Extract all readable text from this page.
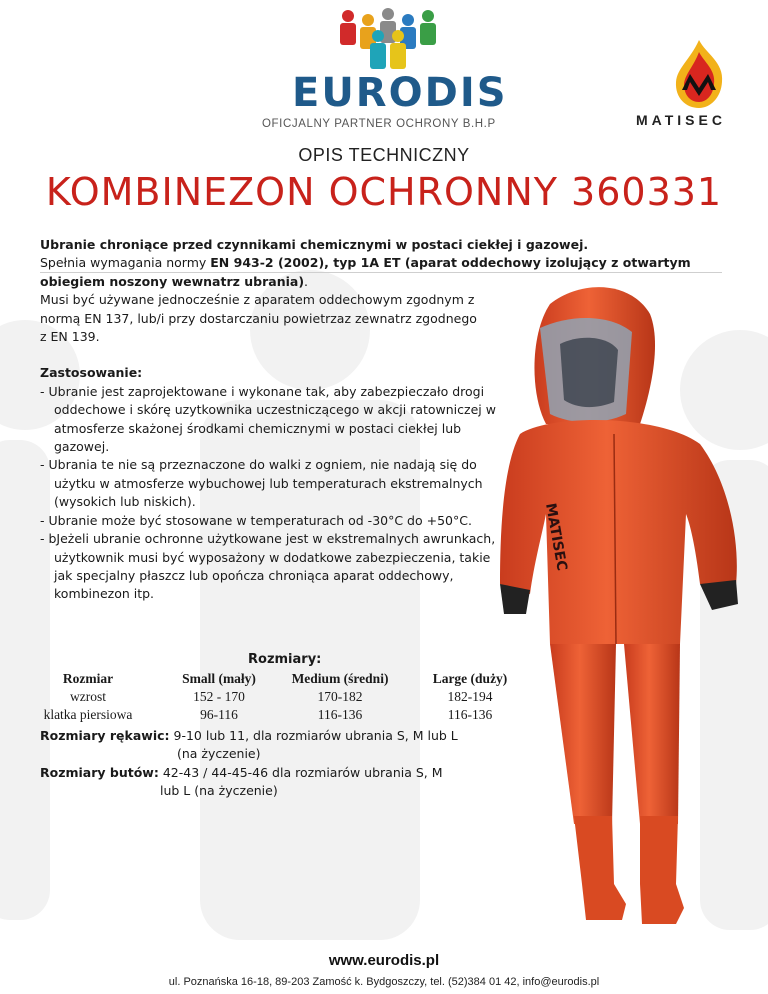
EURODIS
OFICJALNY PARTNER OCHRONY B.H.P	MATISEC
OPIS TECHNICZNY
KOMBINEZON OCHRONNY 360331
MATISEC

Ubranie chroniące przed czynnikami chemicznymi w postaci ciekłej i gazowej.

Spełnia wymagania normy EN 943-2 (2002), typ 1A ET (aparat oddechowy izolujący z otwartym obiegiem noszony wewnatrz ubrania).

Musi być używane jednocześnie z aparatem oddechowym zgodnym z normą EN 137, lub/i przy dostarczaniu powietrzaz zewnatrz zgodnego z EN 139.

Zastosowanie:

- Ubranie jest zaprojektowane i wykonane tak, aby zabezpieczało drogi oddechowe i skórę uzytkownika uczestniczącego w akcji ratowniczej w atmosferze skażonej środkami chemicznymi w postaci ciekłej lub gazowej.
- Ubrania te nie są przeznaczone do walki z ogniem, nie nadają się do użytku w atmosferze wybuchowej lub temperaturach ekstremalnych (wysokich lub niskich).
- Ubranie może być stosowane w temperaturach od -30°C do +50°C.
- bJeżeli ubranie ochronne użytkowane jest w ekstremalnych awrunkach, użytkownik musi być wyposażony w dodatkowe zabezpieczenia, takie jak specjalny płaszcz lub opończa chroniąca aparat oddechowy, kombinezon itp.
Rozmiary:
Rozmiar	Small (mały)	Medium (średni)	Large (duży)
wzrost	152 - 170	170-182	182-194
klatka piersiowa	96-116	116-136	116-136
Rozmiary rękawic: 9-10 lub 11, dla rozmiarów ubrania S, M lub L
(na życzenie)
Rozmiary butów: 42-43 / 44-45-46 dla rozmiarów ubrania S, M
lub L (na życzenie)
www.eurodis.pl
ul. Poznańska 16-18, 89-203 Zamość k. Bydgoszczy, tel. (52)384 01 42, info@eurodis.pl
